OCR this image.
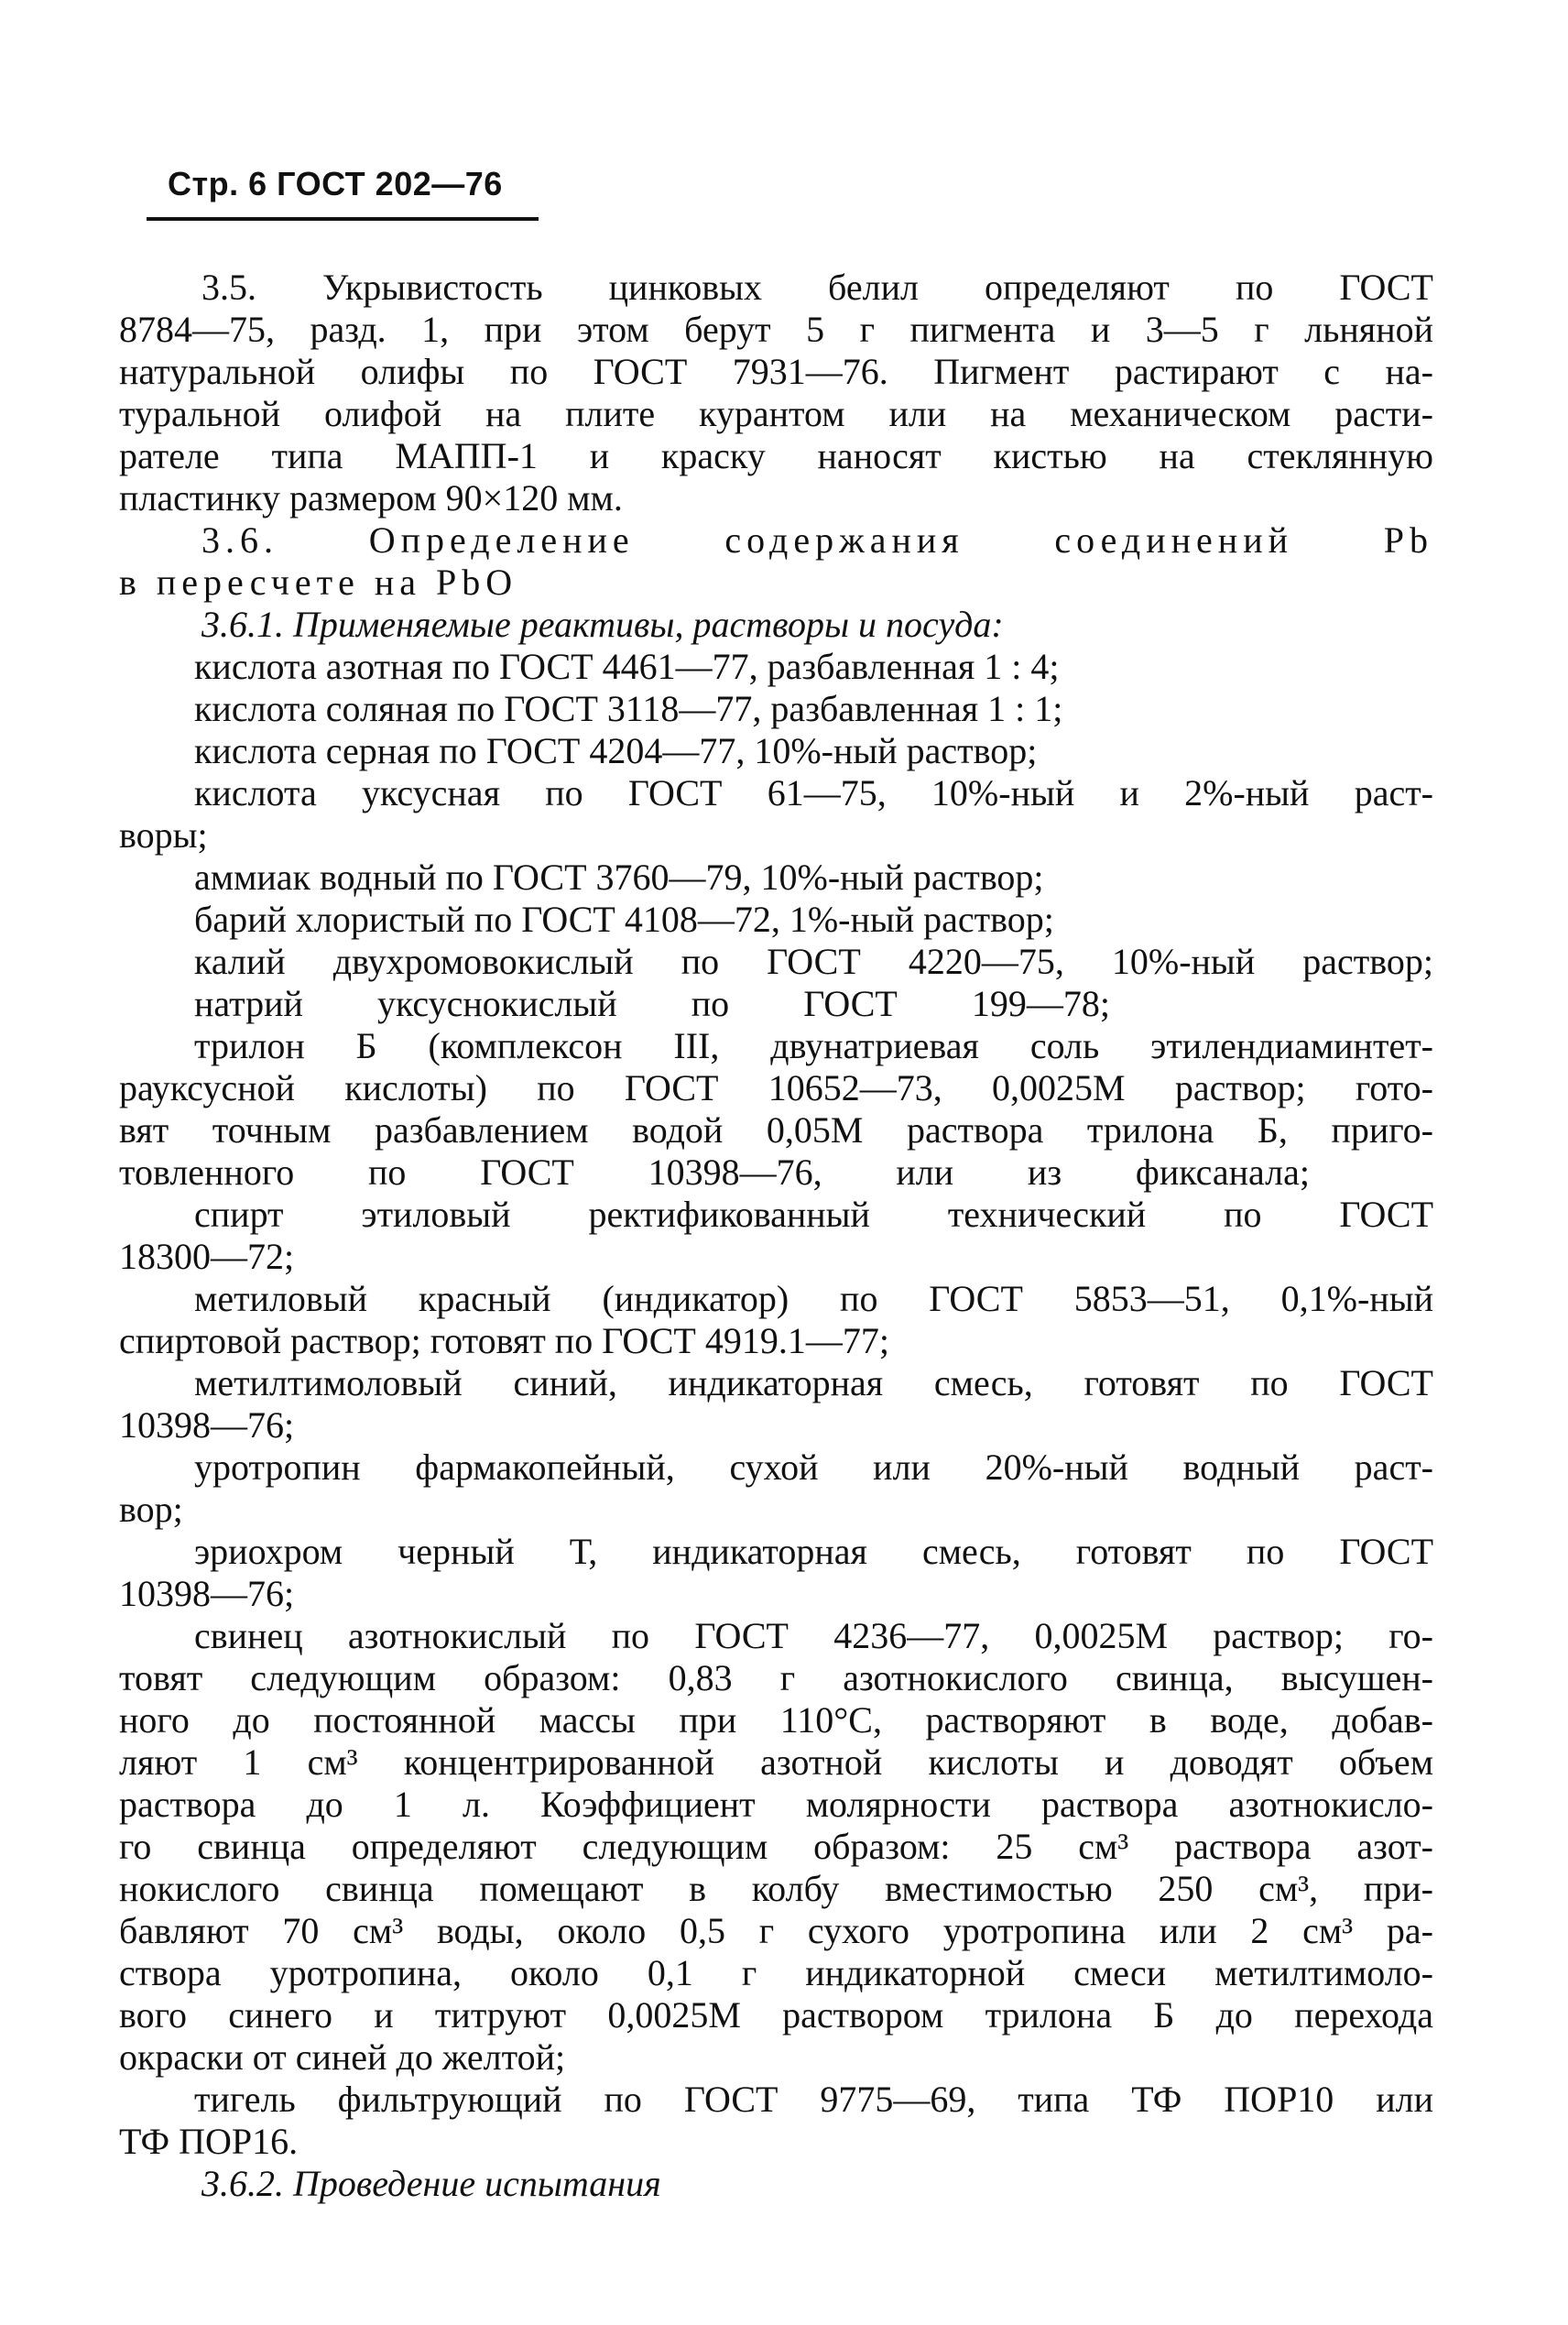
Стр. 6 ГОСТ 202—76
3.5. Укрывистость цинковых белил определяют по ГОСТ
8784—75, разд. 1, при этом берут 5 г пигмента и 3—5 г льняной
натуральной олифы по ГОСТ 7931—76. Пигмент растирают с на-
туральной олифой на плите курантом или на механическом расти-
рателе типа МАПП-1 и краску наносят кистью на стеклянную
пластинку размером 90×120 мм.
3.6. Определение содержания соединений Pb
в пересчете на PbO
3.6.1. Применяемые реактивы, растворы и посуда:
кислота азотная по ГОСТ 4461—77, разбавленная 1 : 4;
кислота соляная по ГОСТ 3118—77, разбавленная 1 : 1;
кислота серная по ГОСТ 4204—77, 10%-ный раствор;
кислота уксусная по ГОСТ 61—75, 10%-ный и 2%-ный раст-
воры;
аммиак водный по ГОСТ 3760—79, 10%-ный раствор;
барий хлористый по ГОСТ 4108—72, 1%-ный раствор;
калий двухромовокислый по ГОСТ 4220—75, 10%-ный раствор;
натрий уксуснокислый по ГОСТ 199—78;
трилон Б (комплексон III, двунатриевая соль этилендиаминтет-
рауксусной кислоты) по ГОСТ 10652—73, 0,0025М раствор; гото-
вят точным разбавлением водой 0,05М раствора трилона Б, приго-
товленного по ГОСТ 10398—76, или из фиксанала;
спирт этиловый ректификованный технический по ГОСТ
18300—72;
метиловый красный (индикатор) по ГОСТ 5853—51, 0,1%-ный
спиртовой раствор; готовят по ГОСТ 4919.1—77;
метилтимоловый синий, индикаторная смесь, готовят по ГОСТ
10398—76;
уротропин фармакопейный, сухой или 20%-ный водный раст-
вор;
эриохром черный Т, индикаторная смесь, готовят по ГОСТ
10398—76;
свинец азотнокислый по ГОСТ 4236—77, 0,0025М раствор; го-
товят следующим образом: 0,83 г азотнокислого свинца, высушен-
ного до постоянной массы при 110°С, растворяют в воде, добав-
ляют 1 см³ концентрированной азотной кислоты и доводят объем
раствора до 1 л. Коэффициент молярности раствора азотнокисло-
го свинца определяют следующим образом: 25 см³ раствора азот-
нокислого свинца помещают в колбу вместимостью 250 см³, при-
бавляют 70 см³ воды, около 0,5 г сухого уротропина или 2 см³ ра-
створа уротропина, около 0,1 г индикаторной смеси метилтимоло-
вого синего и титруют 0,0025М раствором трилона Б до перехода
окраски от синей до желтой;
тигель фильтрующий по ГОСТ 9775—69, типа ТФ ПОР10 или
ТФ ПОР16.
3.6.2. Проведение испытания
